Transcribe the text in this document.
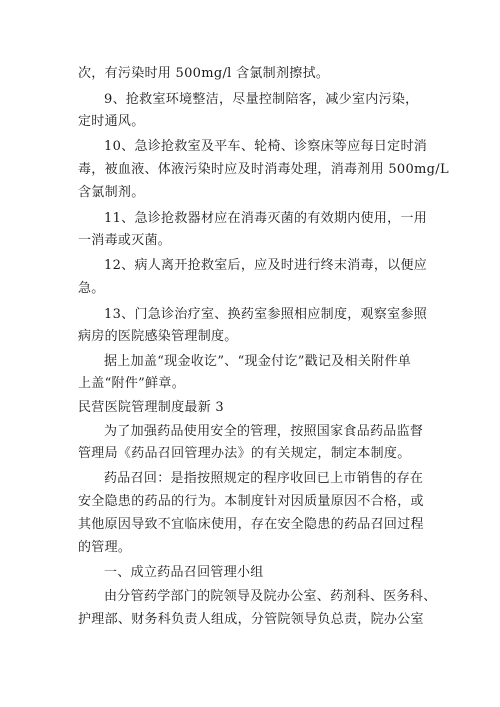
次，有污染时用 500mg/l 含氯制剂擦拭。
9、抢救室环境整洁，尽量控制陪客，减少室内污染，
定时通风。
10、急诊抢救室及平车、轮椅、诊察床等应每日定时消
毒，被血液、体液污染时应及时消毒处理，消毒剂用 500mg/L
含氯制剂。
11、急诊抢救器材应在消毒灭菌的有效期内使用，一用
一消毒或灭菌。
12、病人离开抢救室后，应及时进行终末消毒，以便应
急。
13、门急诊治疗室、换药室参照相应制度，观察室参照
病房的医院感染管理制度。
据上加盖“现金收讫”、“现金付讫”戳记及相关附件单
上盖“附件”鲜章。
民营医院管理制度最新 3
为了加强药品使用安全的管理，按照国家食品药品监督
管理局《药品召回管理办法》的有关规定，制定本制度。
药品召回：是指按照规定的程序收回已上市销售的存在
安全隐患的药品的行为。本制度针对因质量原因不合格，或
其他原因导致不宜临床使用，存在安全隐患的药品召回过程
的管理。
一、成立药品召回管理小组
由分管药学部门的院领导及院办公室、药剂科、医务科、
护理部、财务科负责人组成，分管院领导负总责，院办公室
